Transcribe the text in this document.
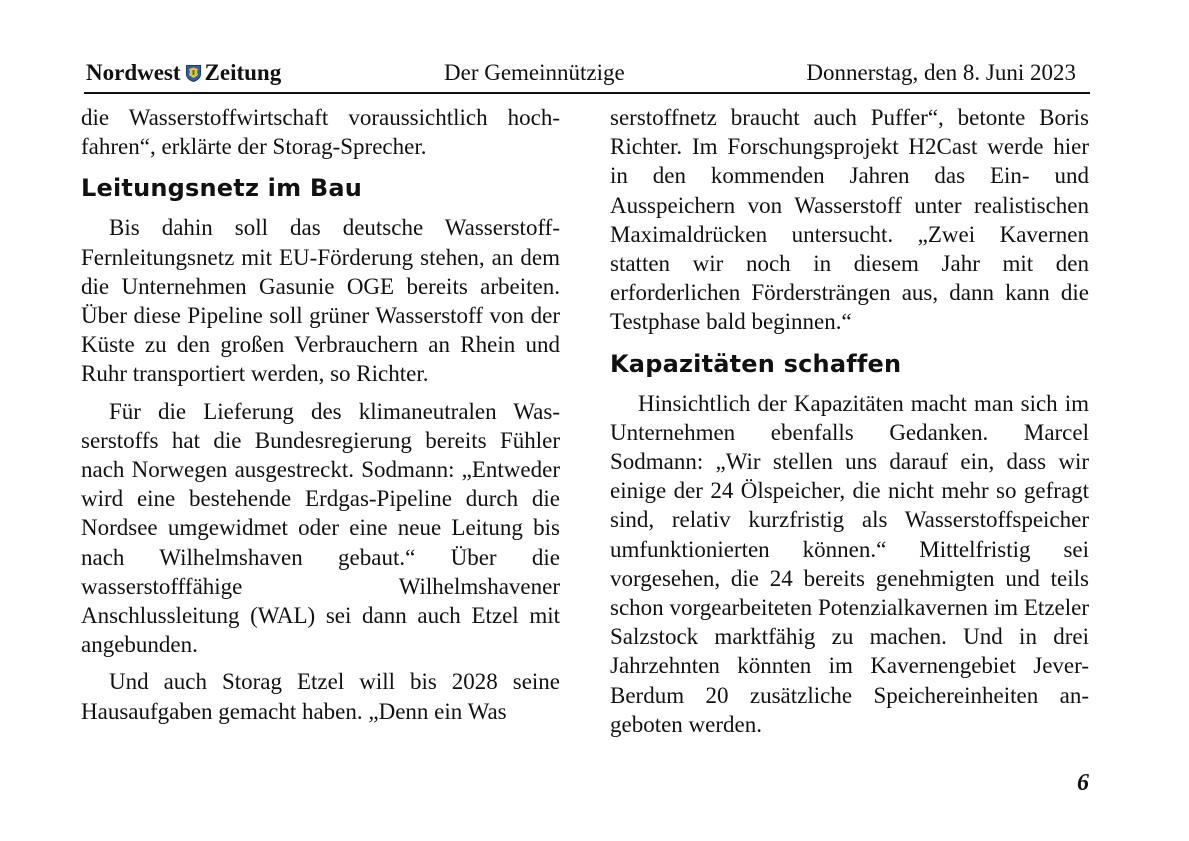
Nordwest Zeitung	Der Gemeinnützige	Donnerstag, den 8. Juni 2023

die Wasserstoffwirtschaft voraussichtlich hochfahren“, erklärte der Storag-Sprecher.

Leitungsnetz im Bau

Bis dahin soll das deutsche Wasserstoff-Fernleitungsnetz mit EU-Förderung stehen, an dem die Unternehmen Gasunie OGE bereits arbeiten. Über diese Pipeline soll grüner Wasserstoff von der Küste zu den großen Verbrauchern an Rhein und Ruhr transportiert werden, so Richter.

Für die Lieferung des klimaneutralen Wasserstoffs hat die Bundesregierung bereits Fühler nach Norwegen ausgestreckt. Sodmann: „Entweder wird eine bestehende Erdgas-Pipeline durch die Nordsee umgewidmet oder eine neue Leitung bis nach Wilhelmshaven gebaut.“ Über die wasserstofffähige Wilhelmshavener Anschlussleitung (WAL) sei dann auch Etzel mit angebunden.

Und auch Storag Etzel will bis 2028 seine Hausaufgaben gemacht haben. „Denn ein Was

serstoffnetz braucht auch Puffer“, betonte Boris Richter. Im Forschungsprojekt H2Cast werde hier in den kommenden Jahren das Ein- und Ausspeichern von Wasserstoff unter realistischen Maximaldrücken untersucht. „Zwei Kavernen statten wir noch in diesem Jahr mit den erforderlichen Fördersträngen aus, dann kann die Testphase bald beginnen.“

Kapazitäten schaffen

Hinsichtlich der Kapazitäten macht man sich im Unternehmen ebenfalls Gedanken. Marcel Sodmann: „Wir stellen uns darauf ein, dass wir einige der 24 Ölspeicher, die nicht mehr so gefragt sind, relativ kurzfristig als Wasserstoffspeicher umfunktionierten können.“ Mittelfristig sei vorgesehen, die 24 bereits genehmigten und teils schon vorgearbeiteten Potenzialkavernen im Etzeler Salzstock marktfähig zu machen. Und in drei Jahrzehnten könnten im Kavernengebiet Jever-Berdum 20 zusätzliche Speichereinheiten angeboten werden.

6
